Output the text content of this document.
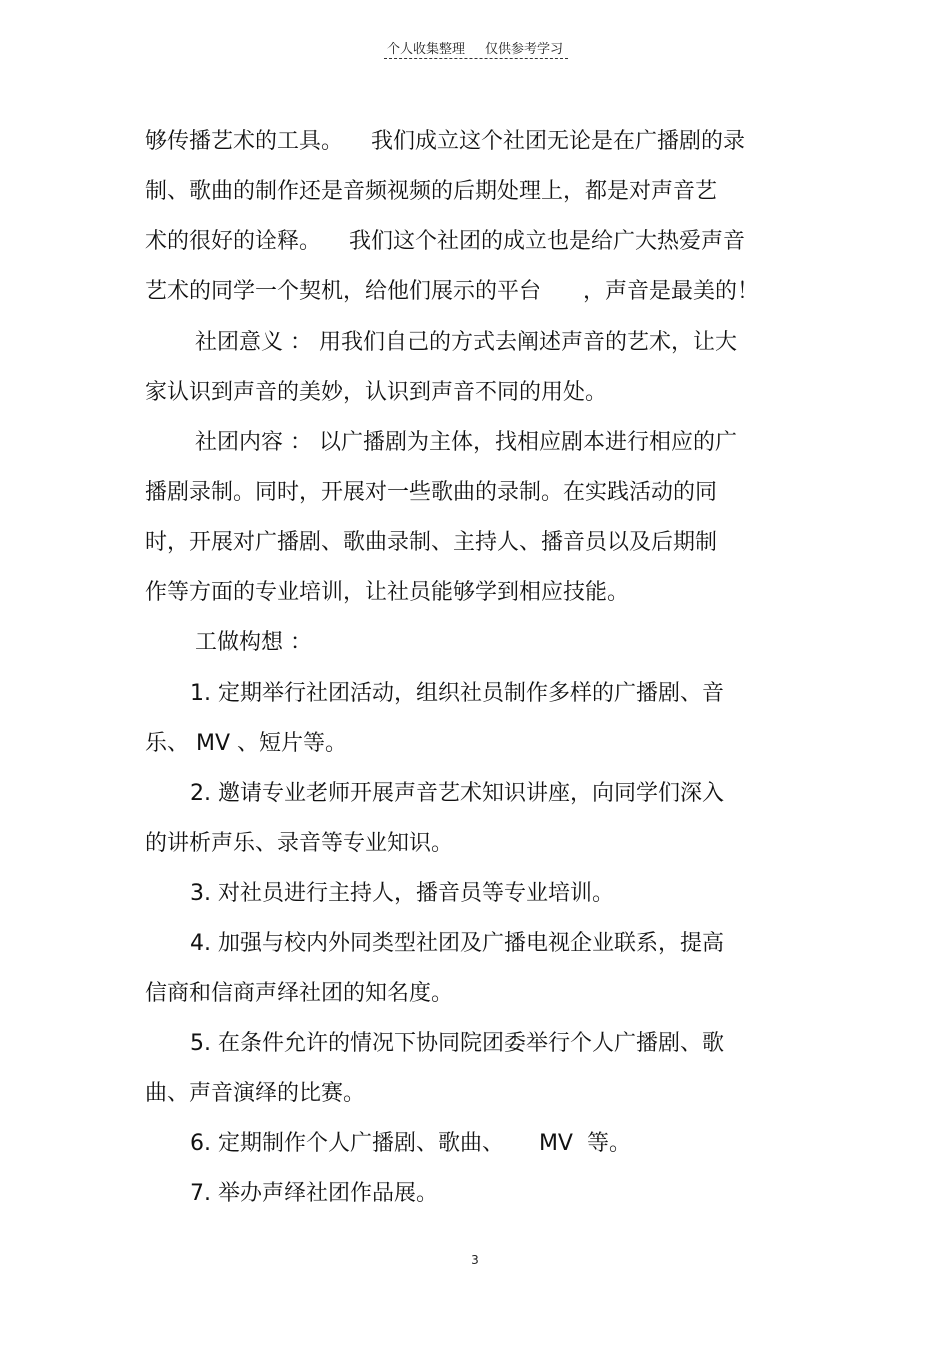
个人收集整理 仅供参考学习
够传播艺术的工具。    我们成立这个社团无论是在广播剧的录
制、歌曲的制作还是音频视频的后期处理上，都是对声音艺
术的很好的诠释。    我们这个社团的成立也是给广大热爱声音
艺术的同学一个契机，给他们展示的平台      ，声音是最美的！
社团意义 ： 用我们自己的方式去阐述声音的艺术，让大
家认识到声音的美妙，认识到声音不同的用处。
社团内容 ： 以广播剧为主体，找相应剧本进行相应的广
播剧录制。同时，开展对一些歌曲的录制。在实践活动的同
时，开展对广播剧、歌曲录制、主持人、播音员以及后期制
作等方面的专业培训，让社员能够学到相应技能。
工做构想 ：
1. 定期举行社团活动，组织社员制作多样的广播剧、音
乐、 MV 、短片等。
2. 邀请专业老师开展声音艺术知识讲座，向同学们深入
的讲析声乐、录音等专业知识。
3. 对社员进行主持人，播音员等专业培训。
4. 加强与校内外同类型社团及广播电视企业联系，提高
信商和信商声绎社团的知名度。
5. 在条件允许的情况下协同院团委举行个人广播剧、歌
曲、声音演绎的比赛。
6. 定期制作个人广播剧、歌曲、     MV  等。
7. 举办声绎社团作品展。
3
